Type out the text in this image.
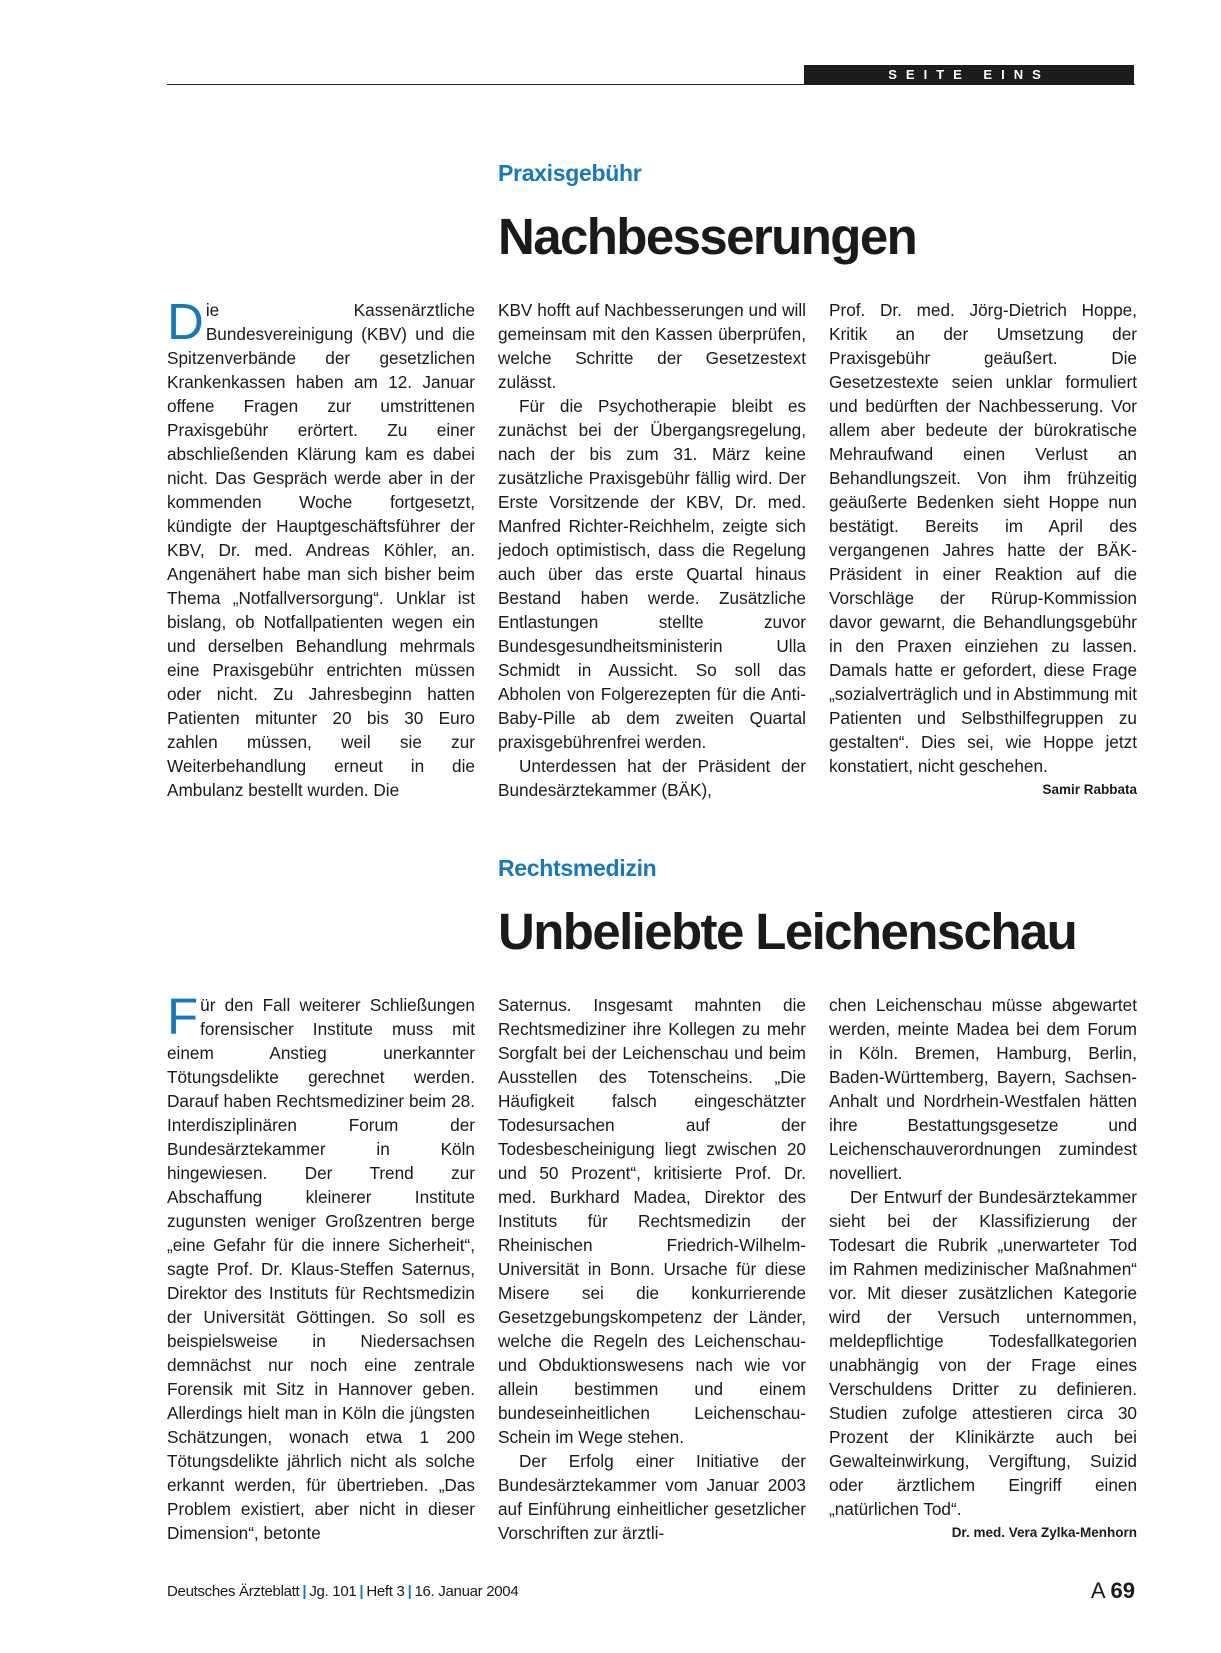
SEITE EINS
Praxisgebühr
Nachbesserungen

Die Kassenärztliche Bundesvereinigung (KBV) und die Spitzenverbände der gesetzlichen Krankenkassen haben am 12. Januar offene Fragen zur umstrittenen Praxisgebühr erörtert. Zu einer abschließenden Klärung kam es dabei nicht. Das Gespräch werde aber in der kommenden Woche fortgesetzt, kündigte der Hauptgeschäftsführer der KBV, Dr. med. Andreas Köhler, an. Angenähert habe man sich bisher beim Thema „Notfallversorgung“. Unklar ist bislang, ob Notfallpatienten wegen ein und derselben Behandlung mehrmals eine Praxisgebühr entrichten müssen oder nicht. Zu Jahresbeginn hatten Patienten mitunter 20 bis 30 Euro zahlen müssen, weil sie zur Weiterbehandlung erneut in die Ambulanz bestellt wurden. Die

KBV hofft auf Nachbesserungen und will gemeinsam mit den Kassen überprüfen, welche Schritte der Gesetzestext zulässt.

Für die Psychotherapie bleibt es zunächst bei der Übergangsregelung, nach der bis zum 31. März keine zusätzliche Praxisgebühr fällig wird. Der Erste Vorsitzende der KBV, Dr. med. Manfred Richter-Reichhelm, zeigte sich jedoch optimistisch, dass die Regelung auch über das erste Quartal hinaus Bestand haben werde. Zusätzliche Entlastungen stellte zuvor Bundesgesundheitsministerin Ulla Schmidt in Aussicht. So soll das Abholen von Folgerezepten für die Anti-Baby-Pille ab dem zweiten Quartal praxisgebührenfrei werden.

Unterdessen hat der Präsident der Bundesärztekammer (BÄK),

Prof. Dr. med. Jörg-Dietrich Hoppe, Kritik an der Umsetzung der Praxisgebühr geäußert. Die Gesetzestexte seien unklar formuliert und bedürften der Nachbesserung. Vor allem aber bedeute der bürokratische Mehraufwand einen Verlust an Behandlungszeit. Von ihm frühzeitig geäußerte Bedenken sieht Hoppe nun bestätigt. Bereits im April des vergangenen Jahres hatte der BÄK-Präsident in einer Reaktion auf die Vorschläge der Rürup-Kommission davor gewarnt, die Behandlungsgebühr in den Praxen einziehen zu lassen. Damals hatte er gefordert, diese Frage „sozialverträglich und in Abstimmung mit Patienten und Selbsthilfegruppen zu gestalten“. Dies sei, wie Hoppe jetzt konstatiert, nicht geschehen.
Samir Rabbata

Rechtsmedizin
Unbeliebte Leichenschau

Für den Fall weiterer Schließungen forensischer Institute muss mit einem Anstieg unerkannter Tötungsdelikte gerechnet werden. Darauf haben Rechtsmediziner beim 28. Interdisziplinären Forum der Bundesärztekammer in Köln hingewiesen. Der Trend zur Abschaffung kleinerer Institute zugunsten weniger Großzentren berge „eine Gefahr für die innere Sicherheit“, sagte Prof. Dr. Klaus-Steffen Saternus, Direktor des Instituts für Rechtsmedizin der Universität Göttingen. So soll es beispielsweise in Niedersachsen demnächst nur noch eine zentrale Forensik mit Sitz in Hannover geben. Allerdings hielt man in Köln die jüngsten Schätzungen, wonach etwa 1 200 Tötungsdelikte jährlich nicht als solche erkannt werden, für übertrieben. „Das Problem existiert, aber nicht in dieser Dimension“, betonte

Saternus. Insgesamt mahnten die Rechtsmediziner ihre Kollegen zu mehr Sorgfalt bei der Leichenschau und beim Ausstellen des Totenscheins. „Die Häufigkeit falsch eingeschätzter Todesursachen auf der Todesbescheinigung liegt zwischen 20 und 50 Prozent“, kritisierte Prof. Dr. med. Burkhard Madea, Direktor des Instituts für Rechtsmedizin der Rheinischen Friedrich-Wilhelm-Universität in Bonn. Ursache für diese Misere sei die konkurrierende Gesetzgebungskompetenz der Länder, welche die Regeln des Leichenschau- und Obduktionswesens nach wie vor allein bestimmen und einem bundeseinheitlichen Leichenschau-Schein im Wege stehen.

Der Erfolg einer Initiative der Bundesärztekammer vom Januar 2003 auf Einführung einheitlicher gesetzlicher Vorschriften zur ärztli-

chen Leichenschau müsse abgewartet werden, meinte Madea bei dem Forum in Köln. Bremen, Hamburg, Berlin, Baden-Württemberg, Bayern, Sachsen-Anhalt und Nordrhein-Westfalen hätten ihre Bestattungsgesetze und Leichenschauverordnungen zumindest novelliert.

Der Entwurf der Bundesärztekammer sieht bei der Klassifizierung der Todesart die Rubrik „unerwarteter Tod im Rahmen medizinischer Maßnahmen“ vor. Mit dieser zusätzlichen Kategorie wird der Versuch unternommen, meldepflichtige Todesfallkategorien unabhängig von der Frage eines Verschuldens Dritter zu definieren. Studien zufolge attestieren circa 30 Prozent der Klinikärzte auch bei Gewalteinwirkung, Vergiftung, Suizid oder ärztlichem Eingriff einen „natürlichen Tod“.
Dr. med. Vera Zylka-Menhorn

Deutsches Ärzteblatt | Jg. 101 | Heft 3 | 16. Januar 2004	A 69
